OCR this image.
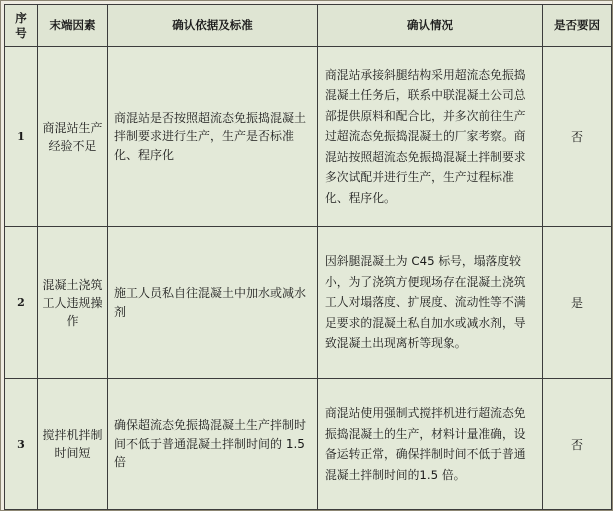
序号	末端因素	确认依据及标准	确认情况	是否要因
1	商混站生产经验不足	商混站是否按照超流态免振捣混凝土拌制要求进行生产，生产是否标准化、程序化	商混站承接斜腿结构采用超流态免振捣混凝土任务后，联系中联混凝土公司总部提供原料和配合比，并多次前往生产过超流态免振捣混凝土的厂家考察。商混站按照超流态免振捣混凝土拌制要求多次试配并进行生产，生产过程标准化、程序化。	否
2	混凝土浇筑工人违规操作	施工人员私自往混凝土中加水或减水剂	因斜腿混凝土为 C45 标号，塌落度较小，为了浇筑方便现场存在混凝土浇筑工人对塌落度、扩展度、流动性等不满足要求的混凝土私自加水或减水剂，导致混凝土出现离析等现象。	是
3	搅拌机拌制时间短	确保超流态免振捣混凝土生产拌制时间不低于普通混凝土拌制时间的 1.5 倍	商混站使用强制式搅拌机进行超流态免振捣混凝土的生产，材料计量准确，设备运转正常，确保拌制时间不低于普通混凝土拌制时间的1.5 倍。	否
